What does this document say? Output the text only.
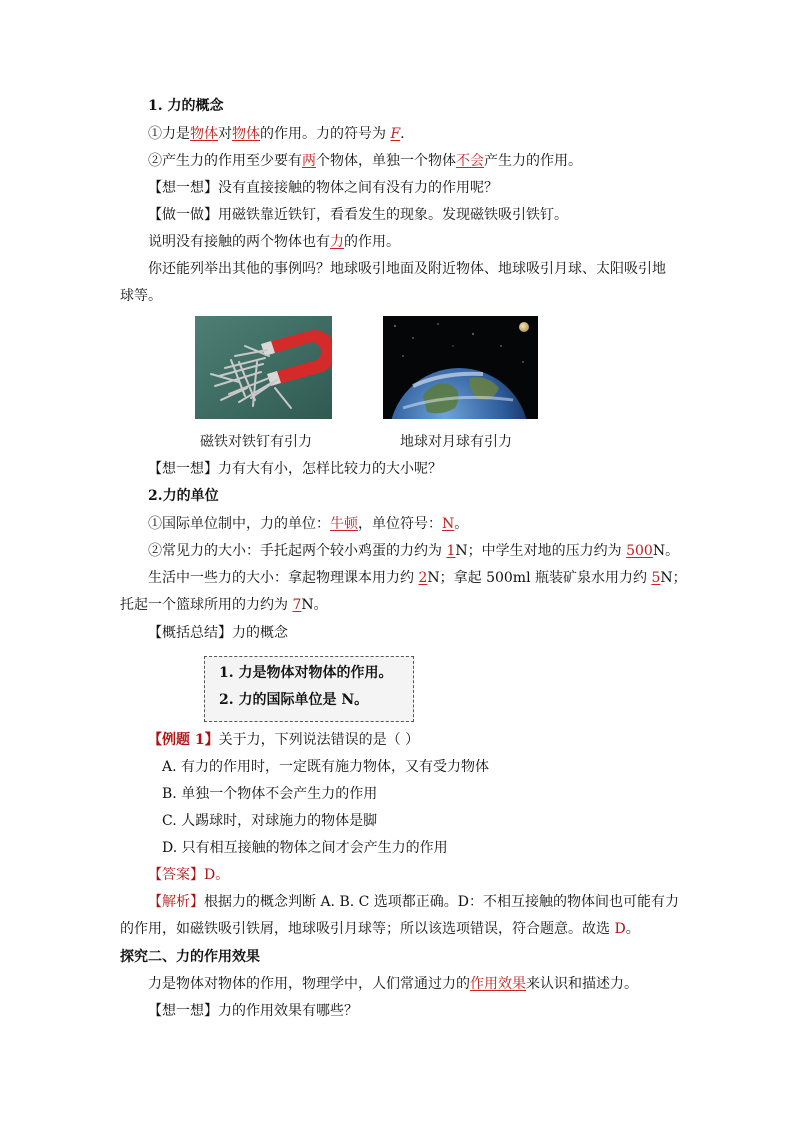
1. 力的概念
①力是物体对物体的作用。力的符号为 F.
②产生力的作用至少要有两个物体，单独一个物体不会产生力的作用。
【想一想】没有直接接触的物体之间有没有力的作用呢？
【做一做】用磁铁靠近铁钉，看看发生的现象。发现磁铁吸引铁钉。
说明没有接触的两个物体也有力的作用。
你还能列举出其他的事例吗？地球吸引地面及附近物体、地球吸引月球、太阳吸引地
球等。
磁铁对铁钉有引力	地球对月球有引力
【想一想】力有大有小，怎样比较力的大小呢？
2.力的单位
①国际单位制中，力的单位：牛顿，单位符号：N。
②常见力的大小：手托起两个较小鸡蛋的力约为 1N；中学生对地的压力约为 500N。
生活中一些力的大小：拿起物理课本用力约 2N；拿起 500ml 瓶装矿泉水用力约 5N；
托起一个篮球所用的力约为 7N。
【概括总结】力的概念
1. 力是物体对物体的作用。
2. 力的国际单位是 N。
【例题 1】关于力，下列说法错误的是（ ）
A. 有力的作用时，一定既有施力物体，又有受力物体
B. 单独一个物体不会产生力的作用
C. 人踢球时，对球施力的物体是脚
D. 只有相互接触的物体之间才会产生力的作用
【答案】D。
【解析】根据力的概念判断 A. B. C 选项都正确。D：不相互接触的物体间也可能有力
的作用，如磁铁吸引铁屑，地球吸引月球等；所以该选项错误，符合题意。故选 D。
探究二、力的作用效果
力是物体对物体的作用，物理学中，人们常通过力的作用效果来认识和描述力。
【想一想】力的作用效果有哪些？
